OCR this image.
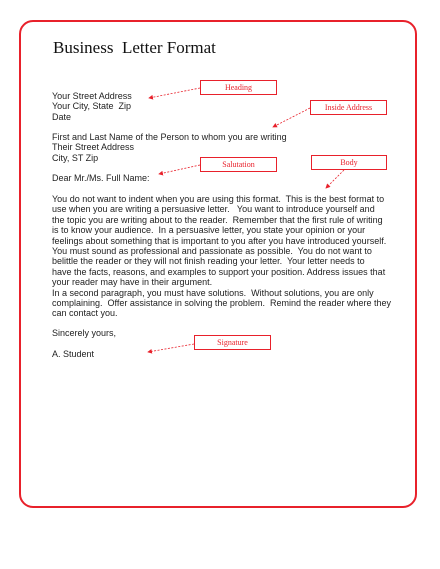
Business  Letter Format
Your Street Address
Your City, State  Zip
Date
First and Last Name of the Person to whom you are writing
Their Street Address
City, ST Zip
Dear Mr./Ms. Full Name:
You do not want to indent when you are using this format.  This is the best format to
use when you are writing a persuasive letter.   You want to introduce yourself and
the topic you are writing about to the reader.  Remember that the first rule of writing
is to know your audience.  In a persuasive letter, you state your opinion or your
feelings about something that is important to you after you have introduced yourself.
You must sound as professional and passionate as possible.  You do not want to
belittle the reader or they will not finish reading your letter.  Your letter needs to
have the facts, reasons, and examples to support your position. Address issues that
your reader may have in their argument.
In a second paragraph, you must have solutions.  Without solutions, you are only
complaining.  Offer assistance in solving the problem.  Remind the reader where they
can contact you.
Sincerely yours,
A. Student
Heading
Inside Address
Salutation	Body
Signature
